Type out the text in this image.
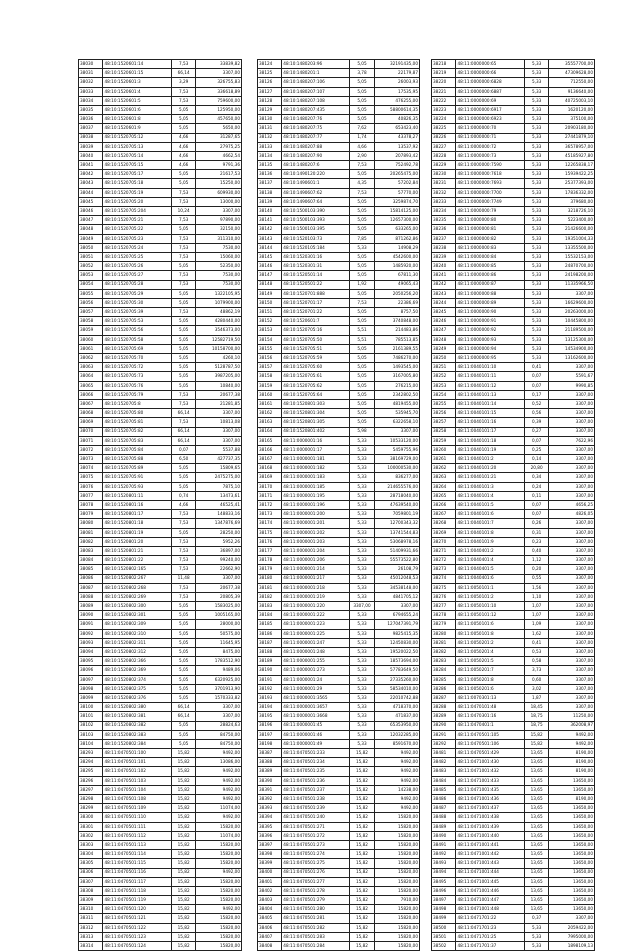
38030	48:10:1520601:14	7,53	33839,82
38031	48:10:1520601:15	66,14	3307,00
38032	48:10:1520601:3	3,29	326755,83
38033	48:10:1520601:4	7,53	336618,89
38034	48:10:1520601:5	7,53	759600,00
38035	48:10:1520601:6	5,05	125950,00
38036	48:10:1520601:8	5,05	457650,00
38037	48:10:1520601:9	5,05	5650,00
38038	48:10:1520705:12	4,66	31287,65
38039	48:10:1520705:13	4,66	27975,25
38040	48:10:1520705:14	4,66	4662,54
38041	48:10:1520705:15	4,66	9791,36
38042	48:10:1520705:17	5,05	21617,53
38043	48:10:1520705:18	5,05	15250,00
38044	48:10:1520705:19	7,53	609930,00
38045	48:10:1520705:20	7,53	13000,00
38046	48:10:1520705:204	10,24	3307,00
38047	48:10:1520705:21	7,53	97890,00
38048	48:10:1520705:22	5,05	32150,00
38049	48:10:1520705:23	7,53	311310,00
38050	48:10:1520705:24	7,53	7530,00
38051	48:10:1520705:25	7,53	15060,00
38052	48:10:1520705:26	5,05	52350,00
38053	48:10:1520705:27	7,53	7530,00
38054	48:10:1520705:28	7,53	7530,00
38055	48:10:1520705:29	5,05	1322105,95
38056	48:10:1520705:30	5,05	1079900,00
38057	48:10:1520705:39	7,53	48862,19
38058	48:10:1520705:53	5,05	4280440,00
38059	48:10:1520705:56	5,05	3546373,00
38060	48:10:1520705:58	5,05	12582719,50
38061	48:10:1520705:69	5,05	10158700,00
38062	48:10:1520705:70	5,05	4260,10
38063	48:10:1520705:72	5,05	5128787,50
38064	48:10:1520705:73	5,05	3987205,00
38065	48:10:1520705:76	5,05	10840,00
38066	48:10:1520705:79	7,53	20677,38
38067	48:10:1520705:8	7,53	21281,85
38068	48:10:1520705:80	66,14	3307,00
38069	48:10:1520705:81	7,53	10813,08
38070	48:10:1520705:82	66,14	3307,00
38071	48:10:1520705:83	66,14	3307,00
38072	48:10:1520705:84	0,07	5537,88
38073	48:10:1520705:88	6,50	427737,35
38074	48:10:1520705:89	5,05	15809,65
38075	48:10:1520705:91	5,05	2475275,00
38076	48:10:1520705:93	5,05	7875,10
38077	48:10:1520801:11	0,74	13473,61
38078	48:10:1520801:16	4,66	46525,41
38079	48:10:1520801:17	7,53	148833,16
38080	48:10:1520801:18	7,53	1347876,69
38081	48:10:1520801:19	5,05	28250,00
38082	48:10:1520801:20	7,53	5952,26
38083	48:10:1520801:21	7,53	36897,00
38084	48:10:1520801:22	7,53	99240,00
38085	48:10:1520802:165	7,53	22662,90
38086	48:10:1520802:267	11,48	3307,00
38087	48:10:1520802:268	7,53	20677,38
38088	48:10:1520802:269	7,53	20805,39
38089	48:10:1520802:300	5,05	1583025,00
38090	48:10:1520802:301	5,05	1005165,00
38091	48:10:1520802:309	5,05	28000,00
38092	48:10:1520802:310	5,05	50575,00
38093	48:10:1520802:311	5,05	11645,95
38094	48:10:1520802:312	5,05	8475,00
38095	48:10:1520802:366	5,05	1783512,90
38096	48:10:1520802:369	5,05	9489,06
38097	48:10:1520802:374	5,05	6320925,00
38098	48:10:1520802:375	5,05	3701913,90
38099	48:10:1520802:376	5,05	1570333,82
38100	48:10:1520802:380	66,14	3307,00
38101	48:10:1520802:381	66,14	3307,00
38102	48:10:1520802:382	5,05	28824,63
38103	48:10:1520802:383	5,05	84750,00
38104	48:10:1520802:384	5,05	84750,00
38293	48:11:0470501:100	15,82	9492,00
38294	48:11:0470501:101	15,82	13086,00
38295	48:11:0470501:102	15,82	9492,00
38296	48:11:0470501:103	15,82	9492,00
38297	48:11:0470501:104	15,82	9492,00
38298	48:11:0470501:108	15,82	9492,00
38299	48:11:0470501:109	15,82	11074,00
38300	48:11:0470501:110	15,82	9492,00
38301	48:11:0470501:111	15,82	15820,00
38302	48:11:0470501:112	15,82	11074,00
38303	48:11:0470501:113	15,82	15820,00
38304	48:11:0470501:114	15,82	15820,00
38305	48:11:0470501:115	15,82	15820,00
38306	48:11:0470501:116	15,82	9492,00
38307	48:11:0470501:117	15,82	15820,00
38308	48:11:0470501:118	15,82	15820,00
38309	48:11:0470501:119	15,82	15820,00
38310	48:11:0470501:120	15,82	9492,00
38311	48:11:0470501:121	15,82	15820,00
38312	48:11:0470501:122	15,82	15820,00
38313	48:11:0470501:123	15,82	15820,00
38314	48:11:0470501:124	15,82	15820,00
38124	48:10:1480203:96	5,05	32191435,00
38125	48:10:1480201:1	3,78	22179,87
38126	48:10:1480207:106	5,05	26003,93
38127	48:10:1480207:107	5,05	17535,95
38128	48:10:1480207:108	5,05	476255,00
38129	48:10:1480207:435	5,05	58800614,35
38130	48:10:1480207:76	5,05	40826,35
38131	48:10:1480207:75	7,62	653423,40
38132	48:10:1480207:77	1,74	43378,27
38133	48:10:1480207:88	4,66	13537,92
38134	48:10:1480207:90	2,90	207893,42
38135	48:10:1480207:6	7,53	752492,78
38136	48:10:1490120:220	5,05	20265475,00
38137	48:10:1490601:1	4,35	57202,84
38138	48:10:1490607:62	7,53	57770,00
38139	48:10:1490607:64	5,05	3259874,70
38140	48:10:1500103:390	5,05	15814125,00
38141	48:10:1500103:393	5,05	12657300,00
38142	48:10:1500103:395	5,05	633265,00
38143	48:10:1520103:73	7,85	871262,86
38144	48:10:1520105:184	5,33	14908,29
38145	48:10:1520301:16	5,05	4542600,00
38146	48:10:1520301:31	5,05	1485920,00
38147	48:10:1520501:14	5,05	67811,30
38148	48:10:1520501:22	1,92	49065,43
38149	48:10:1520701:888	5,05	2050256,20
38150	48:10:1520701:17	7,53	22386,69
38151	48:10:1520701:22	5,05	8757,50
38152	48:10:1520601:7	5,05	3740848,00
38153	48:10:1520705:16	5,51	214483,86
38154	48:10:1520705:50	5,51	785513,85
38155	48:10:1520705:51	5,05	2161389,55
38156	48:10:1520705:59	5,05	7486270,00
38157	48:10:1520705:60	5,05	1493545,00
38158	48:10:1520705:61	5,05	3167005,80
38159	48:10:1520705:62	5,05	276215,00
38160	48:10:1520705:64	5,05	2342802,50
38161	48:10:1520801:303	5,05	4819455,00
38162	48:10:1520801:304	5,05	535945,70
38163	48:10:1520801:305	5,05	6322658,10
38164	48:10:1520801:402	5,98	3307,00
38165	48:11:0000001:16	5,33	10533120,00
38166	48:11:0000001:17	5,33	5459755,96
38167	48:11:0000001:181	5,33	38169729,00
38168	48:11:0000001:182	5,33	100000530,00
38169	48:11:0000001:183	5,33	836277,00
38170	48:11:0000001:185	5,33	214655576,00
38171	48:11:0000001:195	5,33	28718040,00
38172	48:11:0000001:196	5,33	47639540,00
38173	48:11:0000001:200	5,33	7059801,19
38174	48:11:0000001:201	5,33	12700343,32
38175	48:11:0000001:202	5,33	13741544,83
38176	48:11:0000001:203	5,33	53068978,16
38177	48:11:0000001:204	5,33	51409931,66
38178	48:11:0000001:206	5,33	55573522,80
38179	48:11:0000001:214	5,33	26108,79
38180	48:11:0000001:217	5,33	45012048,53
38181	48:11:0000001:218	5,33	34538148,00
38182	48:11:0000001:219	5,33	4841705,12
38183	48:11:0000001:220	3307,00	3307,00
38184	48:11:0000001:222	5,33	6794655,24
38185	48:11:0000001:223	5,33	127047391,79
38186	48:11:0000001:225	5,33	9825415,35
38187	48:11:0000001:247	5,33	12450830,00
38188	48:11:0000001:248	5,33	19520022,50
38189	48:11:0000001:255	5,33	18573694,00
38190	48:11:0000001:273	5,33	57783649,50
38191	48:11:0000001:24	5,33	27335260,00
38192	48:11:0000001:29	5,33	58534010,00
38193	48:11:0000001:3565	5,33	22010742,88
38194	48:11:0000001:3657	5,33	4718370,00
38195	48:11:0000001:3668	5,33	471837,00
38196	48:11:0000001:45	5,33	65353950,00
38197	48:11:0000001:46	5,33	12032285,00
38198	48:11:0000001:49	5,33	8591670,00
38387	48:11:0470501:233	15,82	9492,00
38388	48:11:0470501:234	15,82	9492,00
38389	48:11:0470501:235	15,82	9492,00
38390	48:11:0470501:236	15,82	9492,00
38391	48:11:0470501:237	15,82	14238,00
38392	48:11:0470501:238	15,82	9492,00
38393	48:11:0470501:239	15,82	9492,00
38394	48:11:0470501:240	15,82	15820,00
38395	48:11:0470501:271	15,82	15820,00
38396	48:11:0470501:272	15,82	15820,00
38397	48:11:0470501:273	15,82	15820,00
38398	48:11:0470501:274	15,82	15820,00
38399	48:11:0470501:275	15,82	15820,00
38400	48:11:0470501:276	15,82	15820,00
38401	48:11:0470501:277	15,82	15820,00
38402	48:11:0470501:278	15,82	15820,00
38403	48:11:0470501:279	15,82	7910,00
38404	48:11:0470501:280	15,82	15820,00
38405	48:11:0470501:281	15,82	15820,00
38406	48:11:0470501:282	15,82	15820,00
38407	48:11:0470501:283	15,82	15820,00
38408	48:11:0470501:284	15,82	15820,00
38218	48:11:0000000:65	5,33	35557700,00
38219	48:11:0000000:66	5,33	47309628,00
38220	48:11:0000000:6828	5,33	712550,00
38221	48:11:0000000:6887	5,33	9136640,00
38222	48:11:0000000:69	5,33	40725003,10
38223	48:11:0000000:6917	5,33	1620120,00
38224	48:11:0000000:6923	5,33	375100,00
38225	48:11:0000000:70	5,33	20903180,00
38226	48:11:0000000:71	5,33	27441879,10
38227	48:11:0000000:72	5,33	36578957,00
38228	48:11:0000000:73	5,33	45185927,80
38229	48:11:0000000:7590	5,33	12265838,17
38230	48:11:0000000:7618	5,33	15939422,25
38231	48:11:0000000:7693	5,33	25377393,00
38232	48:11:0000000:7700	5,33	17836332,00
38233	48:11:0000000:7749	5,33	379680,00
38234	48:11:0000000:79	5,33	3218726,10
38235	48:11:0000000:80	5,33	5223400,00
38236	48:11:0000000:81	5,33	21426600,00
38237	48:11:0000000:82	5,33	19351004,33
38238	48:11:0000000:83	5,33	13355500,00
38239	48:11:0000000:84	5,33	15532153,00
38240	48:11:0000000:85	5,33	24870700,00
38241	48:11:0000000:86	5,33	24198200,00
38242	48:11:0000000:87	5,33	11335966,50
38243	48:11:0000000:88	5,33	3307,00
38244	48:11:0000000:89	5,33	16629600,00
38245	48:11:0000000:90	5,33	20263000,00
38246	48:11:0000000:91	5,33	10445800,00
38247	48:11:0000000:92	5,33	21189500,00
38248	48:11:0000000:93	5,33	13125300,00
38249	48:11:0000000:94	5,33	14534900,00
38250	48:11:0000000:95	5,33	13162600,00
38251	48:11:0040101:10	0,41	3307,00
38252	48:11:0040101:11	0,07	5591,67
38253	48:11:0040101:12	0,07	9990,85
38254	48:11:0040101:13	0,17	3307,00
38255	48:11:0040101:14	0,52	3307,00
38256	48:11:0040101:15	0,56	3307,00
38257	48:11:0040101:16	0,39	3307,00
38258	48:11:0040101:17	0,27	3307,00
38259	48:11:0040101:18	0,07	7622,96
38260	48:11:0040101:19	0,25	3307,00
38261	48:11:0040101:2	0,14	3307,00
38262	48:11:0040101:20	20,80	3307,00
38263	48:11:0040101:21	0,34	3307,00
38264	48:11:0040101:3	0,24	3307,00
38265	48:11:0040101:4	0,11	3307,00
38266	48:11:0040101:5	0,07	4656,25
38267	48:11:0040101:6	0,07	4826,05
38268	48:11:0040101:7	0,26	3307,00
38269	48:11:0040101:8	0,31	3307,00
38270	48:11:0040101:9	0,23	3307,00
38271	48:11:0040401:2	0,40	3307,00
38272	48:11:0040401:4	1,12	3307,00
38273	48:11:0040401:5	0,20	3307,00
38274	48:11:0040401:6	0,55	3307,00
38275	48:11:0050101:1	1,56	3307,00
38276	48:11:0050101:2	1,10	3307,00
38277	48:11:0050101:10	1,07	3307,00
38278	48:11:0050101:12	1,07	3307,00
38279	48:11:0050101:6	1,09	3307,00
38280	48:11:0050101:8	1,62	3307,00
38281	48:11:0050201:2	0,41	3307,00
38282	48:11:0050201:4	0,53	3307,00
38283	48:11:0050201:5	0,58	3307,00
38284	48:11:0050201:7	3,73	3307,00
38285	48:11:0050201:8	0,60	3307,00
38286	48:11:0050201:6	3,02	3307,00
38287	48:11:0070301:13	1,87	3307,00
38288	48:11:0470101:48	18,45	3307,00
38289	48:11:0470301:16	18,75	11250,00
38290	48:11:0470401:1	18,75	362008,97
38291	48:11:0470501:105	15,82	9492,00
38292	48:11:0470501:106	15,82	9492,00
38481	48:11:0470501:429	13,65	8190,00
38482	48:11:0471001:430	13,65	8190,00
38483	48:11:0471001:432	13,65	8190,00
38484	48:11:0471001:433	13,65	13650,00
38485	48:11:0471001:435	13,65	13650,00
38486	48:11:0471001:436	13,65	8190,00
38487	48:11:0471001:437	13,65	13650,00
38488	48:11:0471001:438	13,65	13650,00
38489	48:11:0471001:439	13,65	13650,00
38490	48:11:0471001:440	13,65	13650,00
38491	48:11:0471001:441	13,65	13650,00
38492	48:11:0471001:442	13,65	13650,00
38493	48:11:0471001:443	13,65	13650,00
38494	48:11:0471001:444	13,65	13650,00
38495	48:11:0471001:445	13,65	13650,00
38496	48:11:0471001:446	13,65	13650,00
38497	48:11:0471001:447	13,65	13650,00
38498	48:11:0471001:448	13,65	13650,00
38499	48:11:0471701:22	0,37	3307,00
38500	48:11:0471701:23	5,33	2059422,00
38501	48:11:0471701:25	5,33	7995000,00
38502	48:11:0471701:37	5,33	1898109,13
